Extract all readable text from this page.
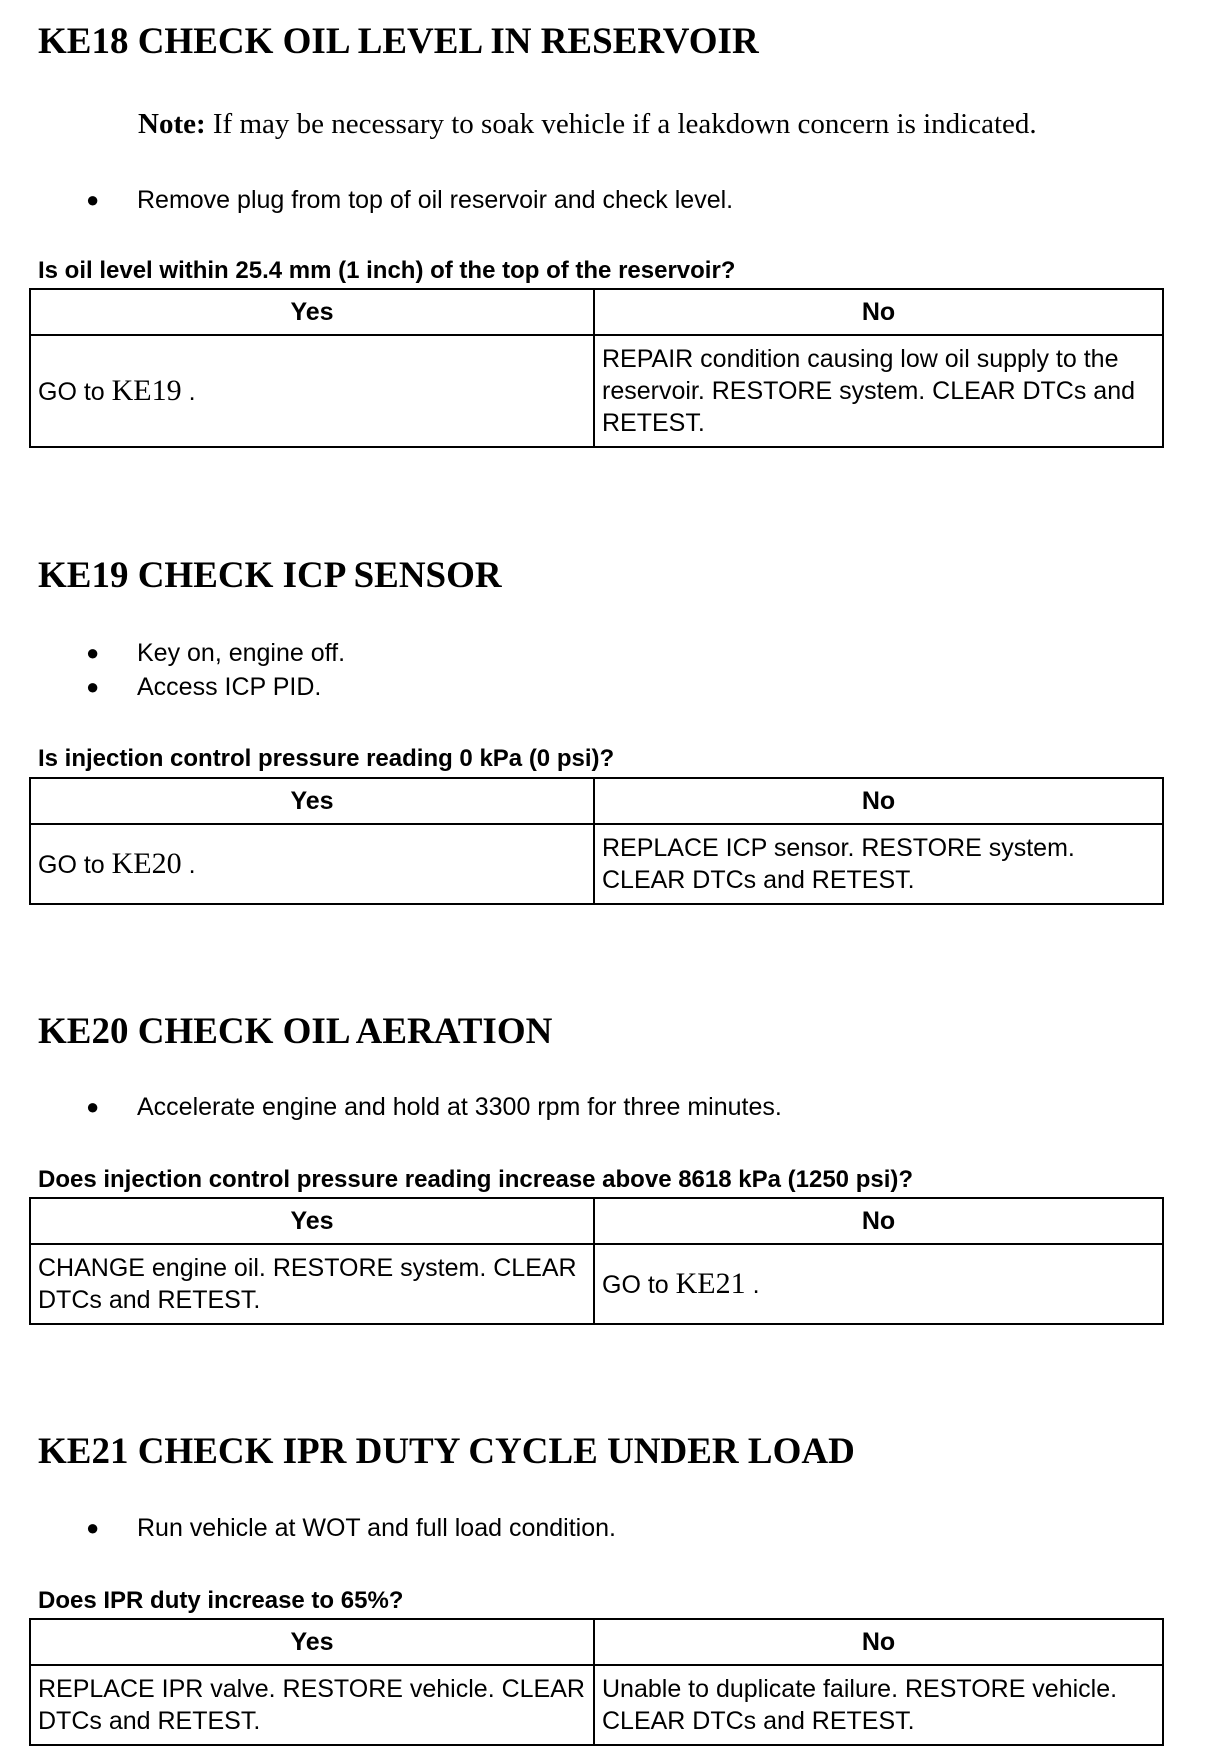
KE18 CHECK OIL LEVEL IN RESERVOIR
Note: If may be necessary to soak vehicle if a leakdown concern is indicated.
● Remove plug from top of oil reservoir and check level.
Is oil level within 25.4 mm (1 inch) of the top of the reservoir?
Yes	No
GO to KE19 .	REPAIR condition causing low oil supply to the reservoir. RESTORE system. CLEAR DTCs and RETEST.
KE19 CHECK ICP SENSOR
● Key on, engine off.
● Access ICP PID.
Is injection control pressure reading 0 kPa (0 psi)?
Yes	No
GO to KE20 .	REPLACE ICP sensor. RESTORE system. CLEAR DTCs and RETEST.
KE20 CHECK OIL AERATION
● Accelerate engine and hold at 3300 rpm for three minutes.
Does injection control pressure reading increase above 8618 kPa (1250 psi)?
Yes	No
CHANGE engine oil. RESTORE system. CLEAR DTCs and RETEST.	GO to KE21 .
KE21 CHECK IPR DUTY CYCLE UNDER LOAD
● Run vehicle at WOT and full load condition.
Does IPR duty increase to 65%?
Yes	No
REPLACE IPR valve. RESTORE vehicle. CLEAR DTCs and RETEST.	Unable to duplicate failure. RESTORE vehicle. CLEAR DTCs and RETEST.
